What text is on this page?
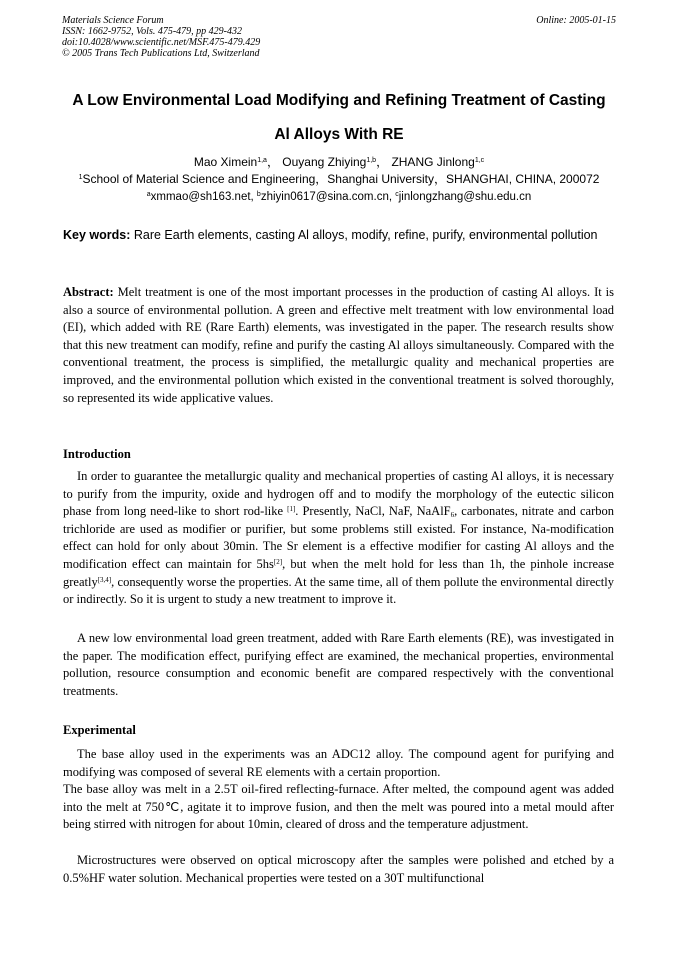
Materials Science Forum
ISSN: 1662-9752, Vols. 475-479, pp 429-432
doi:10.4028/www.scientific.net/MSF.475-479.429
© 2005 Trans Tech Publications Ltd, Switzerland
Online: 2005-01-15
A Low Environmental Load Modifying and Refining Treatment of Casting
Al Alloys With RE
Mao Ximein$^{1,a}$， Ouyang Zhiying$^{1,b}$， ZHANG Jinlong$^{1,c}$
$^1$School of Material Science and Engineering，Shanghai University，SHANGHAI, CHINA, 200072
$^a$xmmao@sh163.net, $^b$zhiyin0617@sina.com.cn, $^c$jinlongzhang@shu.edu.cn
Key words: Rare Earth elements, casting Al alloys, modify, refine, purify, environmental pollution

Abstract: Melt treatment is one of the most important processes in the production of casting Al alloys. It is also a source of environmental pollution. A green and effective melt treatment with low environmental load (EI), which added with RE (Rare Earth) elements, was investigated in the paper. The research results show that this new treatment can modify, refine and purify the casting Al alloys simultaneously. Compared with the conventional treatment, the process is simplified, the metallurgic quality and mechanical properties are improved, and the environmental pollution which existed in the conventional treatment is solved thoroughly, so represented its wide applicative values.

Introduction

In order to guarantee the metallurgic quality and mechanical properties of casting Al alloys, it is necessary to purify from the impurity, oxide and hydrogen off and to modify the morphology of the eutectic silicon phase from long need-like to short rod-like [1]. Presently, NaCl, NaF, NaAlF$_6$, carbonates, nitrate and carbon trichloride are used as modifier or purifier, but some problems still existed. For instance, Na-modification effect can hold for only about 30min. The Sr element is a effective modifier for casting Al alloys and the modification effect can maintain for 5hs[2], but when the melt hold for less than 1h, the pinhole increase greatly[3,4], consequently worse the properties. At the same time, all of them pollute the environmental directly or indirectly. So it is urgent to study a new treatment to improve it.

A new low environmental load green treatment, added with Rare Earth elements (RE), was investigated in the paper. The modification effect, purifying effect are examined, the mechanical properties, environmental pollution, resource consumption and economic benefit are compared respectively with the conventional treatments.

Experimental

The base alloy used in the experiments was an ADC12 alloy. The compound agent for purifying and modifying was composed of several RE elements with a certain proportion.

The base alloy was melt in a 2.5T oil-fired reflecting-furnace. After melted, the compound agent was added into the melt at 750℃, agitate it to improve fusion, and then the melt was poured into a metal mould after being stirred with nitrogen for about 10min, cleared of dross and the temperature adjustment.

Microstructures were observed on optical microscopy after the samples were polished and etched by a 0.5%HF water solution. Mechanical properties were tested on a 30T multifunctional
